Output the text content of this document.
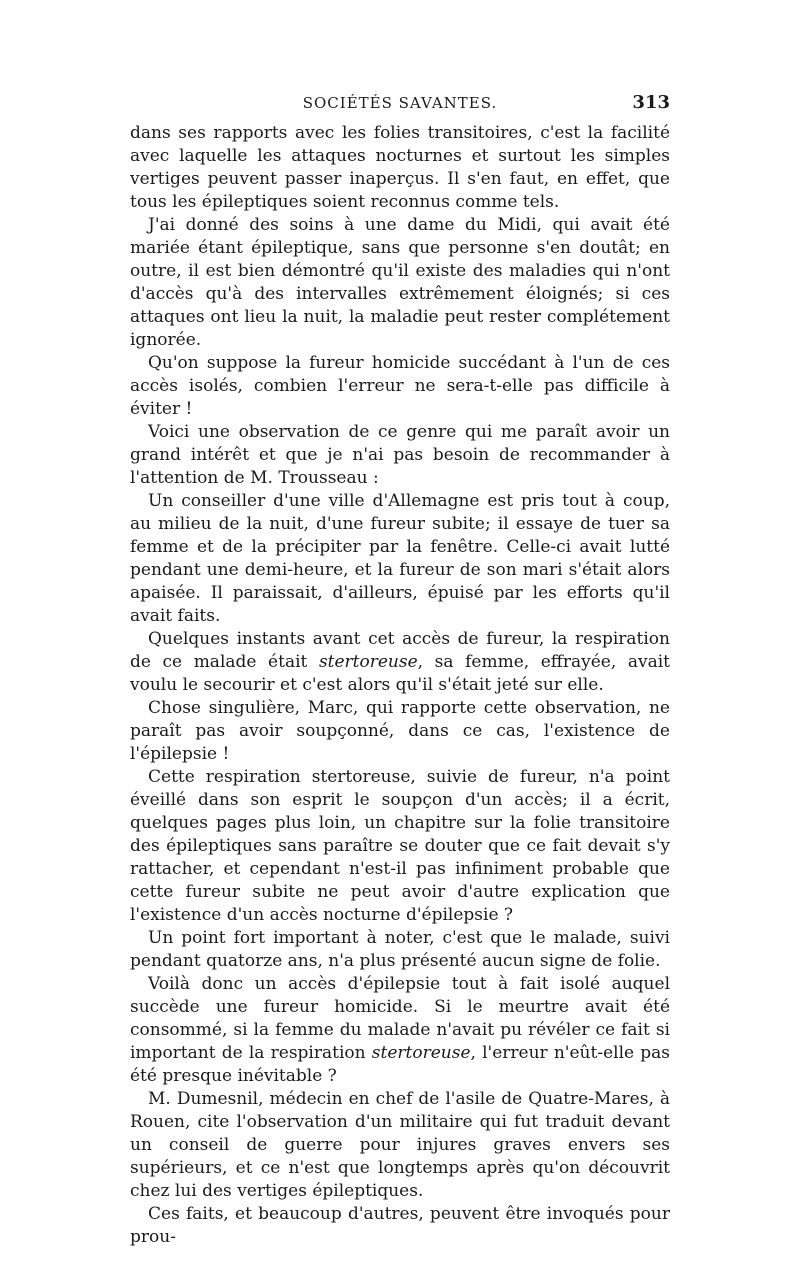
SOCIÉTÉS SAVANTES.	313

dans ses rapports avec les folies transitoires, c'est la facilité avec laquelle les attaques nocturnes et surtout les simples vertiges peuvent passer inaperçus. Il s'en faut, en effet, que tous les épileptiques soient reconnus comme tels.

J'ai donné des soins à une dame du Midi, qui avait été mariée étant épileptique, sans que personne s'en doutât; en outre, il est bien démontré qu'il existe des maladies qui n'ont d'accès qu'à des intervalles extrêmement éloignés; si ces attaques ont lieu la nuit, la maladie peut rester complétement ignorée.

Qu'on suppose la fureur homicide succédant à l'un de ces accès isolés, combien l'erreur ne sera-t-elle pas difficile à éviter !

Voici une observation de ce genre qui me paraît avoir un grand intérêt et que je n'ai pas besoin de recommander à l'attention de M. Trousseau :

Un conseiller d'une ville d'Allemagne est pris tout à coup, au milieu de la nuit, d'une fureur subite; il essaye de tuer sa femme et de la précipiter par la fenêtre. Celle-ci avait lutté pendant une demi-heure, et la fureur de son mari s'était alors apaisée. Il paraissait, d'ailleurs, épuisé par les efforts qu'il avait faits.

Quelques instants avant cet accès de fureur, la respiration de ce malade était stertoreuse, sa femme, effrayée, avait voulu le secourir et c'est alors qu'il s'était jeté sur elle.

Chose singulière, Marc, qui rapporte cette observation, ne paraît pas avoir soupçonné, dans ce cas, l'existence de l'épilepsie !

Cette respiration stertoreuse, suivie de fureur, n'a point éveillé dans son esprit le soupçon d'un accès; il a écrit, quelques pages plus loin, un chapitre sur la folie transitoire des épileptiques sans paraître se douter que ce fait devait s'y rattacher, et cependant n'est-il pas infiniment probable que cette fureur subite ne peut avoir d'autre explication que l'existence d'un accès nocturne d'épilepsie ?

Un point fort important à noter, c'est que le malade, suivi pendant quatorze ans, n'a plus présenté aucun signe de folie.

Voilà donc un accès d'épilepsie tout à fait isolé auquel succède une fureur homicide. Si le meurtre avait été consommé, si la femme du malade n'avait pu révéler ce fait si important de la respiration stertoreuse, l'erreur n'eût-elle pas été presque inévitable ?

M. Dumesnil, médecin en chef de l'asile de Quatre-Mares, à Rouen, cite l'observation d'un militaire qui fut traduit devant un conseil de guerre pour injures graves envers ses supérieurs, et ce n'est que longtemps après qu'on découvrit chez lui des vertiges épileptiques.

Ces faits, et beaucoup d'autres, peuvent être invoqués pour prou-
